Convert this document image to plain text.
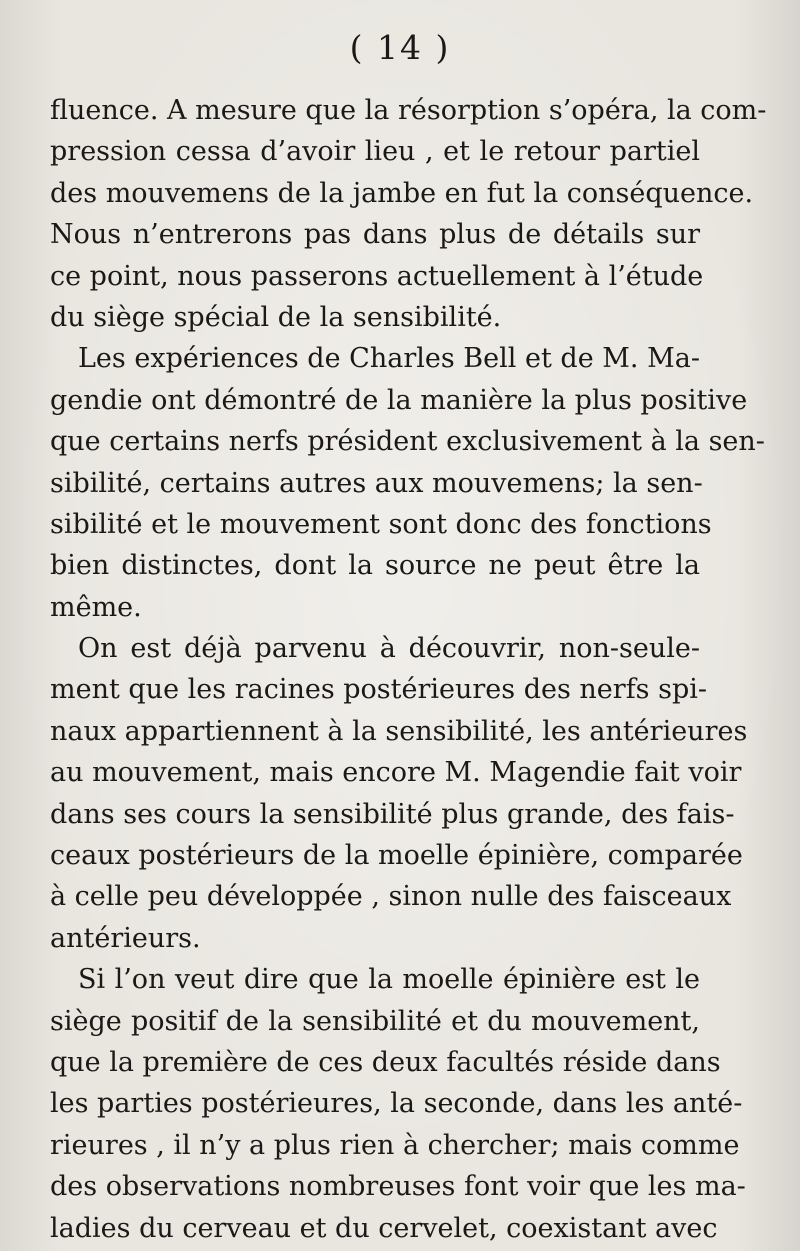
( 14 )
fluence. A mesure que la résorption s’opéra, la com-
pression cessa d’avoir lieu , et le retour partiel
des mouvemens de la jambe en fut la conséquence.
Nous n’entrerons pas dans plus de détails sur
ce point, nous passerons actuellement à l’étude
du siège spécial de la sensibilité.
Les expériences de Charles Bell et de M. Ma-
gendie ont démontré de la manière la plus positive
que certains nerfs président exclusivement à la sen-
sibilité, certains autres aux mouvemens; la sen-
sibilité et le mouvement sont donc des fonctions
bien distinctes, dont la source ne peut être la
même.
On est déjà parvenu à découvrir, non-seule-
ment que les racines postérieures des nerfs spi-
naux appartiennent à la sensibilité, les antérieures
au mouvement, mais encore M. Magendie fait voir
dans ses cours la sensibilité plus grande, des fais-
ceaux postérieurs de la moelle épinière, comparée
à celle peu développée , sinon nulle des faisceaux
antérieurs.
Si l’on veut dire que la moelle épinière est le
siège positif de la sensibilité et du mouvement,
que la première de ces deux facultés réside dans
les parties postérieures, la seconde, dans les anté-
rieures , il n’y a plus rien à chercher; mais comme
des observations nombreuses font voir que les ma-
ladies du cerveau et du cervelet, coexistant avec
